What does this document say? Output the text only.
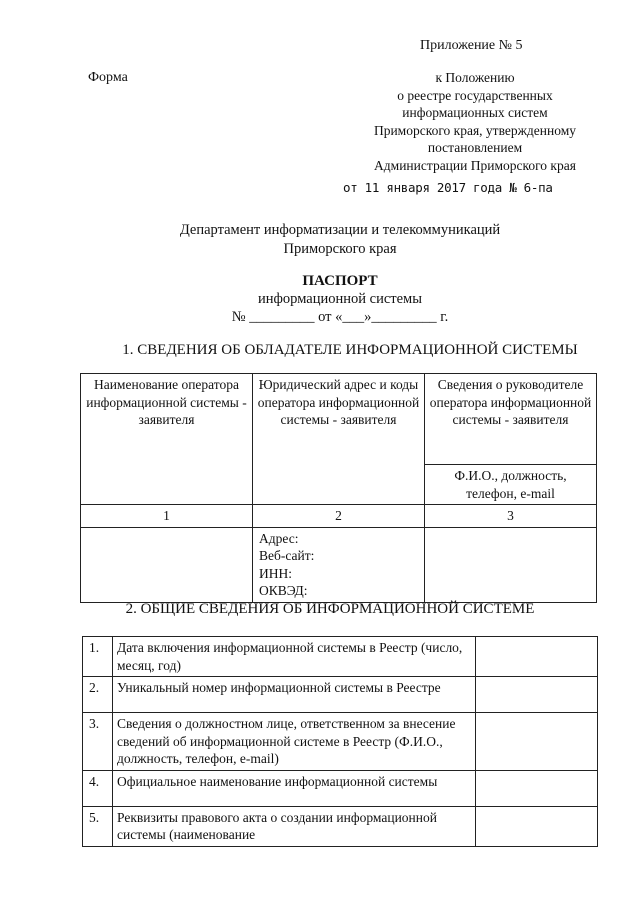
Приложение № 5
Форма	к Положению
о реестре государственных
информационных систем
Приморского края, утвержденному
постановлением
Администрации Приморского края
от 11 января 2017 года № 6-па
Департамент информатизации и телекоммуникаций
Приморского края
ПАСПОРТ
информационной системы
№ _________ от «___»_________ г.
1. СВЕДЕНИЯ ОБ ОБЛАДАТЕЛЕ ИНФОРМАЦИОННОЙ СИСТЕМЫ
Наименование оператора информационной системы - заявителя	Юридический адрес и коды оператора информационной системы - заявителя	Сведения о руководителе оператора информационной системы - заявителя
		Ф.И.О., должность, телефон, e-mail
1	2	3

	Адрес:
Веб-сайт:
ИНН:
ОКВЭД:	

2. ОБЩИЕ СВЕДЕНИЯ ОБ ИНФОРМАЦИОННОЙ СИСТЕМЕ
1.	Дата включения информационной системы в Реестр (число, месяц, год)	
2.	Уникальный номер информационной системы в Реестре	
3.	Сведения о должностном лице, ответственном за внесение сведений об информационной системе в Реестр (Ф.И.О., должность, телефон, e-mail)	
4.	Официальное наименование информационной системы	
5.	Реквизиты правового акта о создании информационной системы (наименование	
